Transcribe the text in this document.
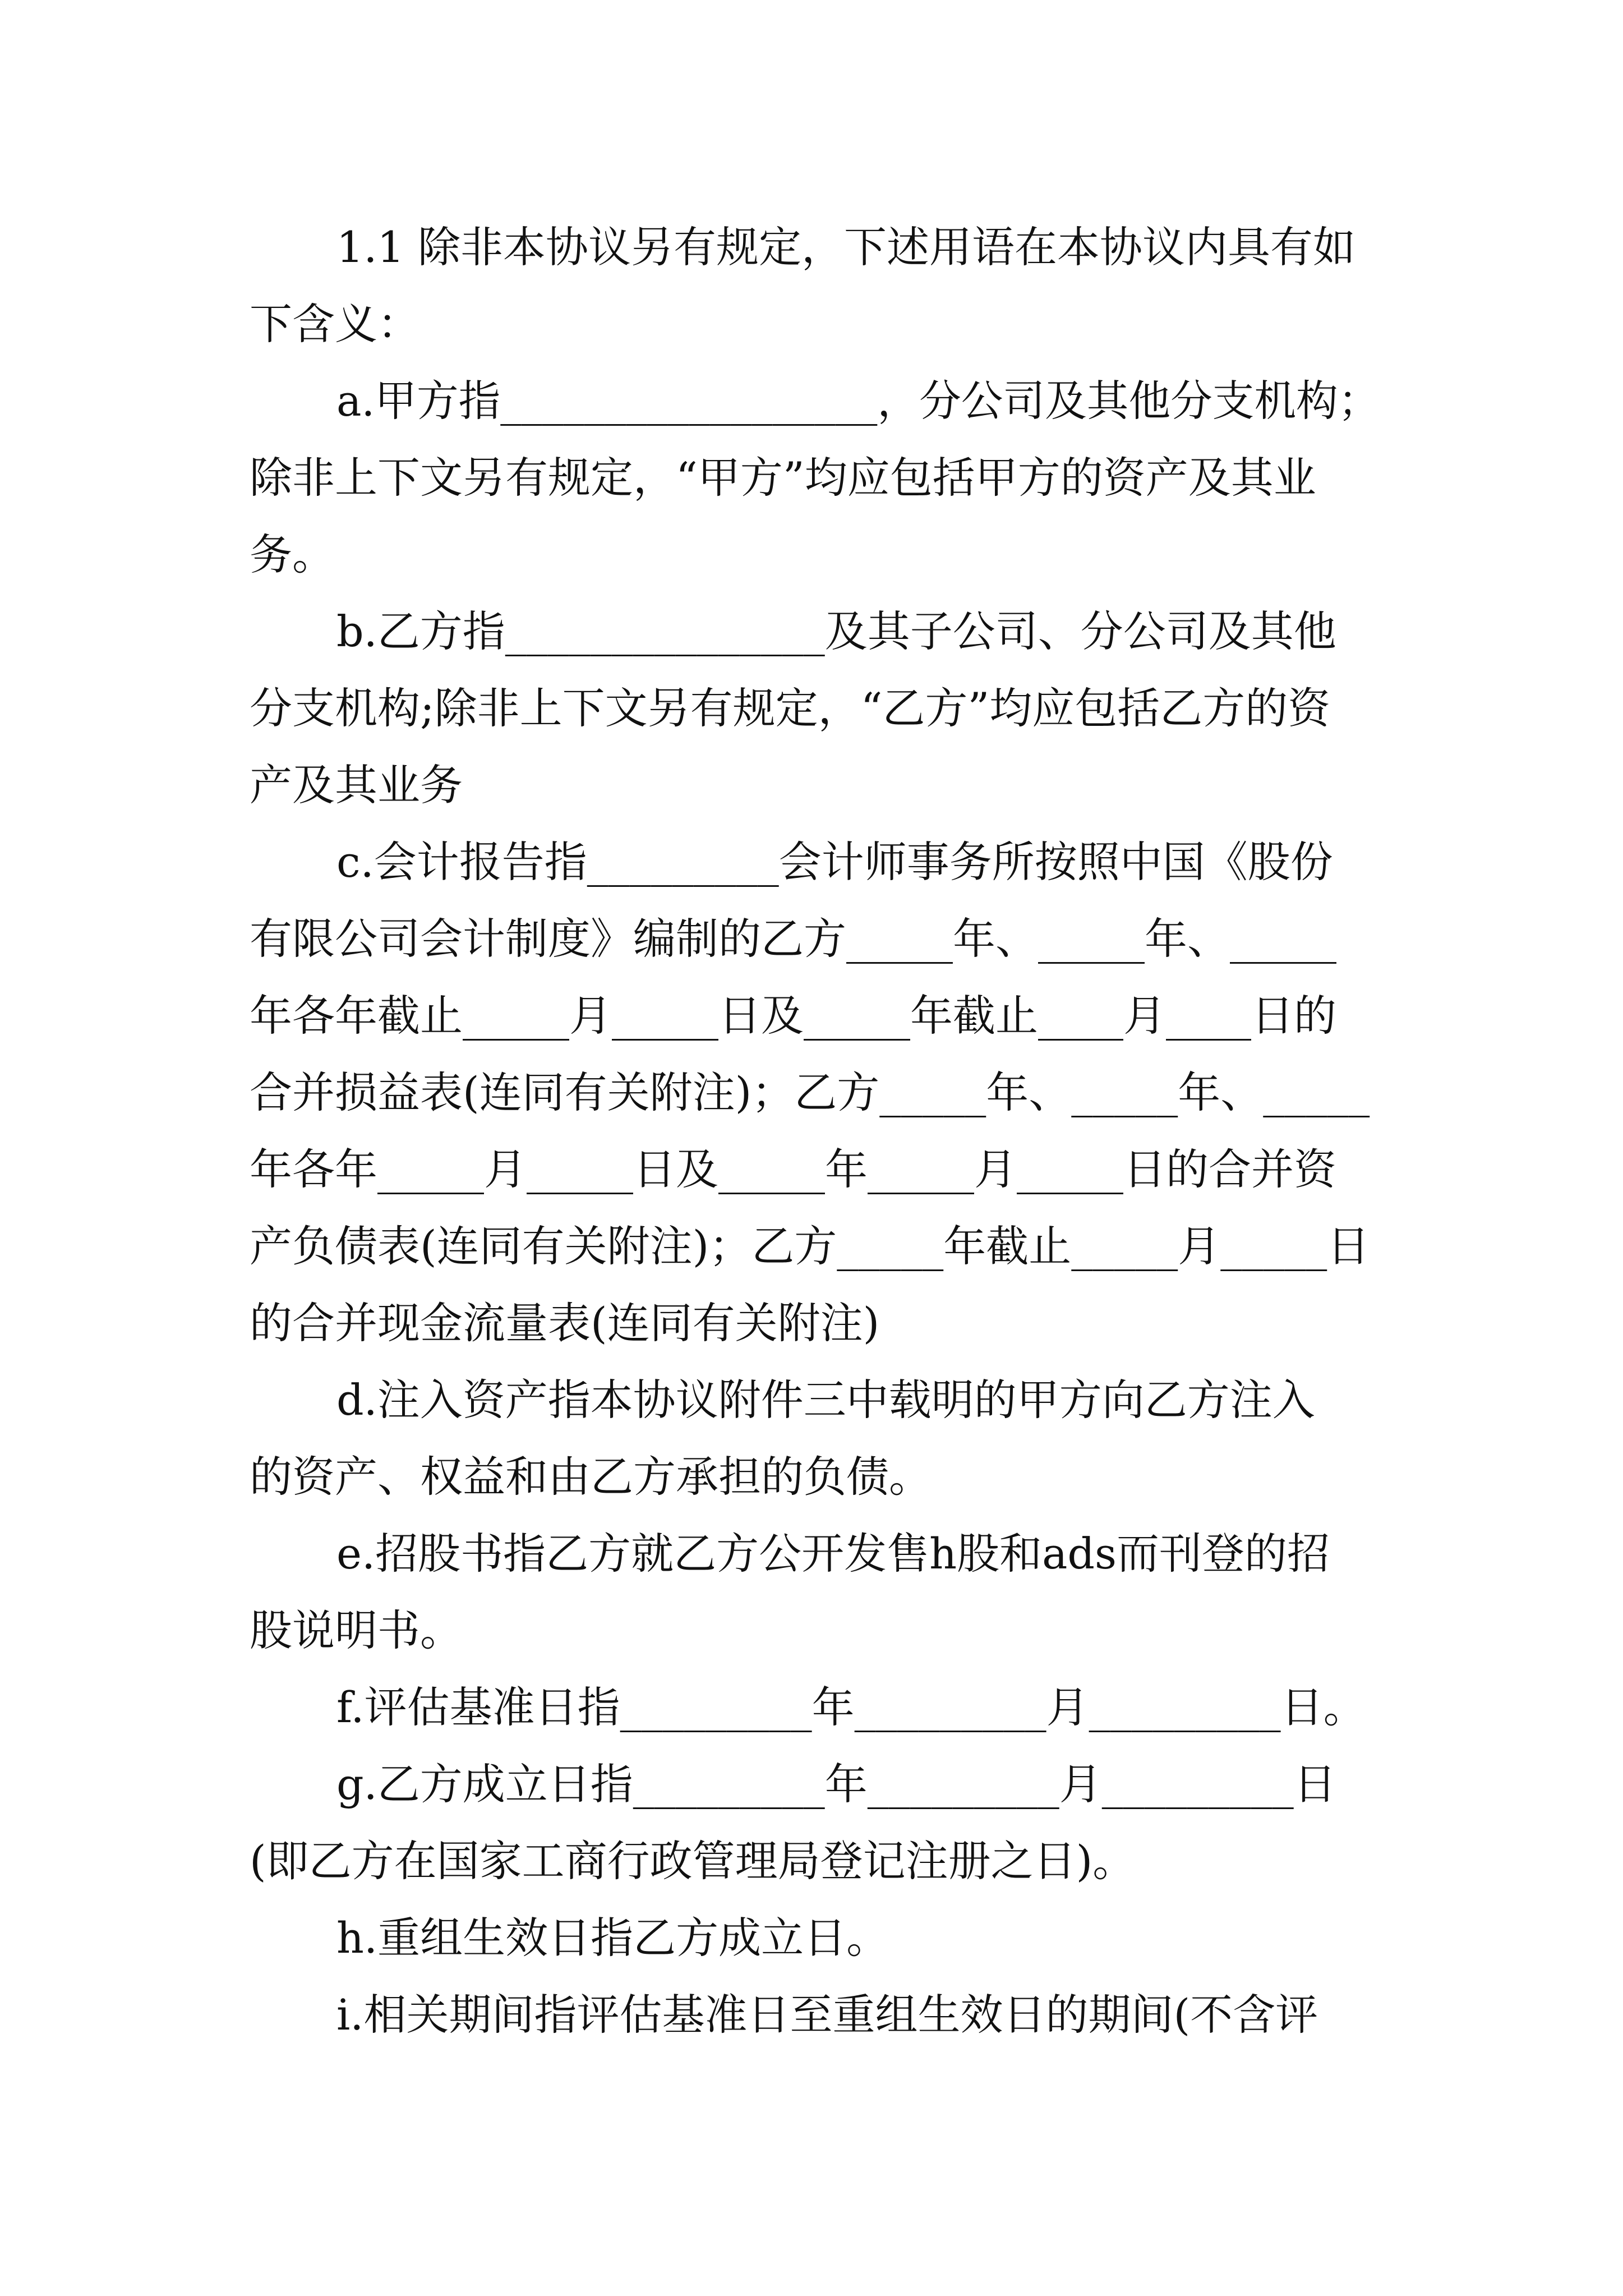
1.1 除非本协议另有规定，下述用语在本协议内具有如
下含义：
a.甲方指__________________，分公司及其他分支机构；
除非上下文另有规定，“甲方”均应包括甲方的资产及其业
务。
b.乙方指_______________及其子公司、分公司及其他
分支机构;除非上下文另有规定，“乙方”均应包括乙方的资
产及其业务
c.会计报告指_________会计师事务所按照中国《股份
有限公司会计制度》编制的乙方_____年、_____年、_____
年各年截止_____月_____日及_____年截止____月____日的
合并损益表(连同有关附注)；乙方_____年、_____年、_____
年各年_____月_____日及_____年_____月_____日的合并资
产负债表(连同有关附注)；乙方_____年截止_____月_____日
的合并现金流量表(连同有关附注)
d.注入资产指本协议附件三中载明的甲方向乙方注入
的资产、权益和由乙方承担的负债。
e.招股书指乙方就乙方公开发售h股和ads而刊登的招
股说明书。
f.评估基准日指_________年_________月_________日。
g.乙方成立日指_________年_________月_________日
(即乙方在国家工商行政管理局登记注册之日)。
h.重组生效日指乙方成立日。
i.相关期间指评估基准日至重组生效日的期间(不含评
